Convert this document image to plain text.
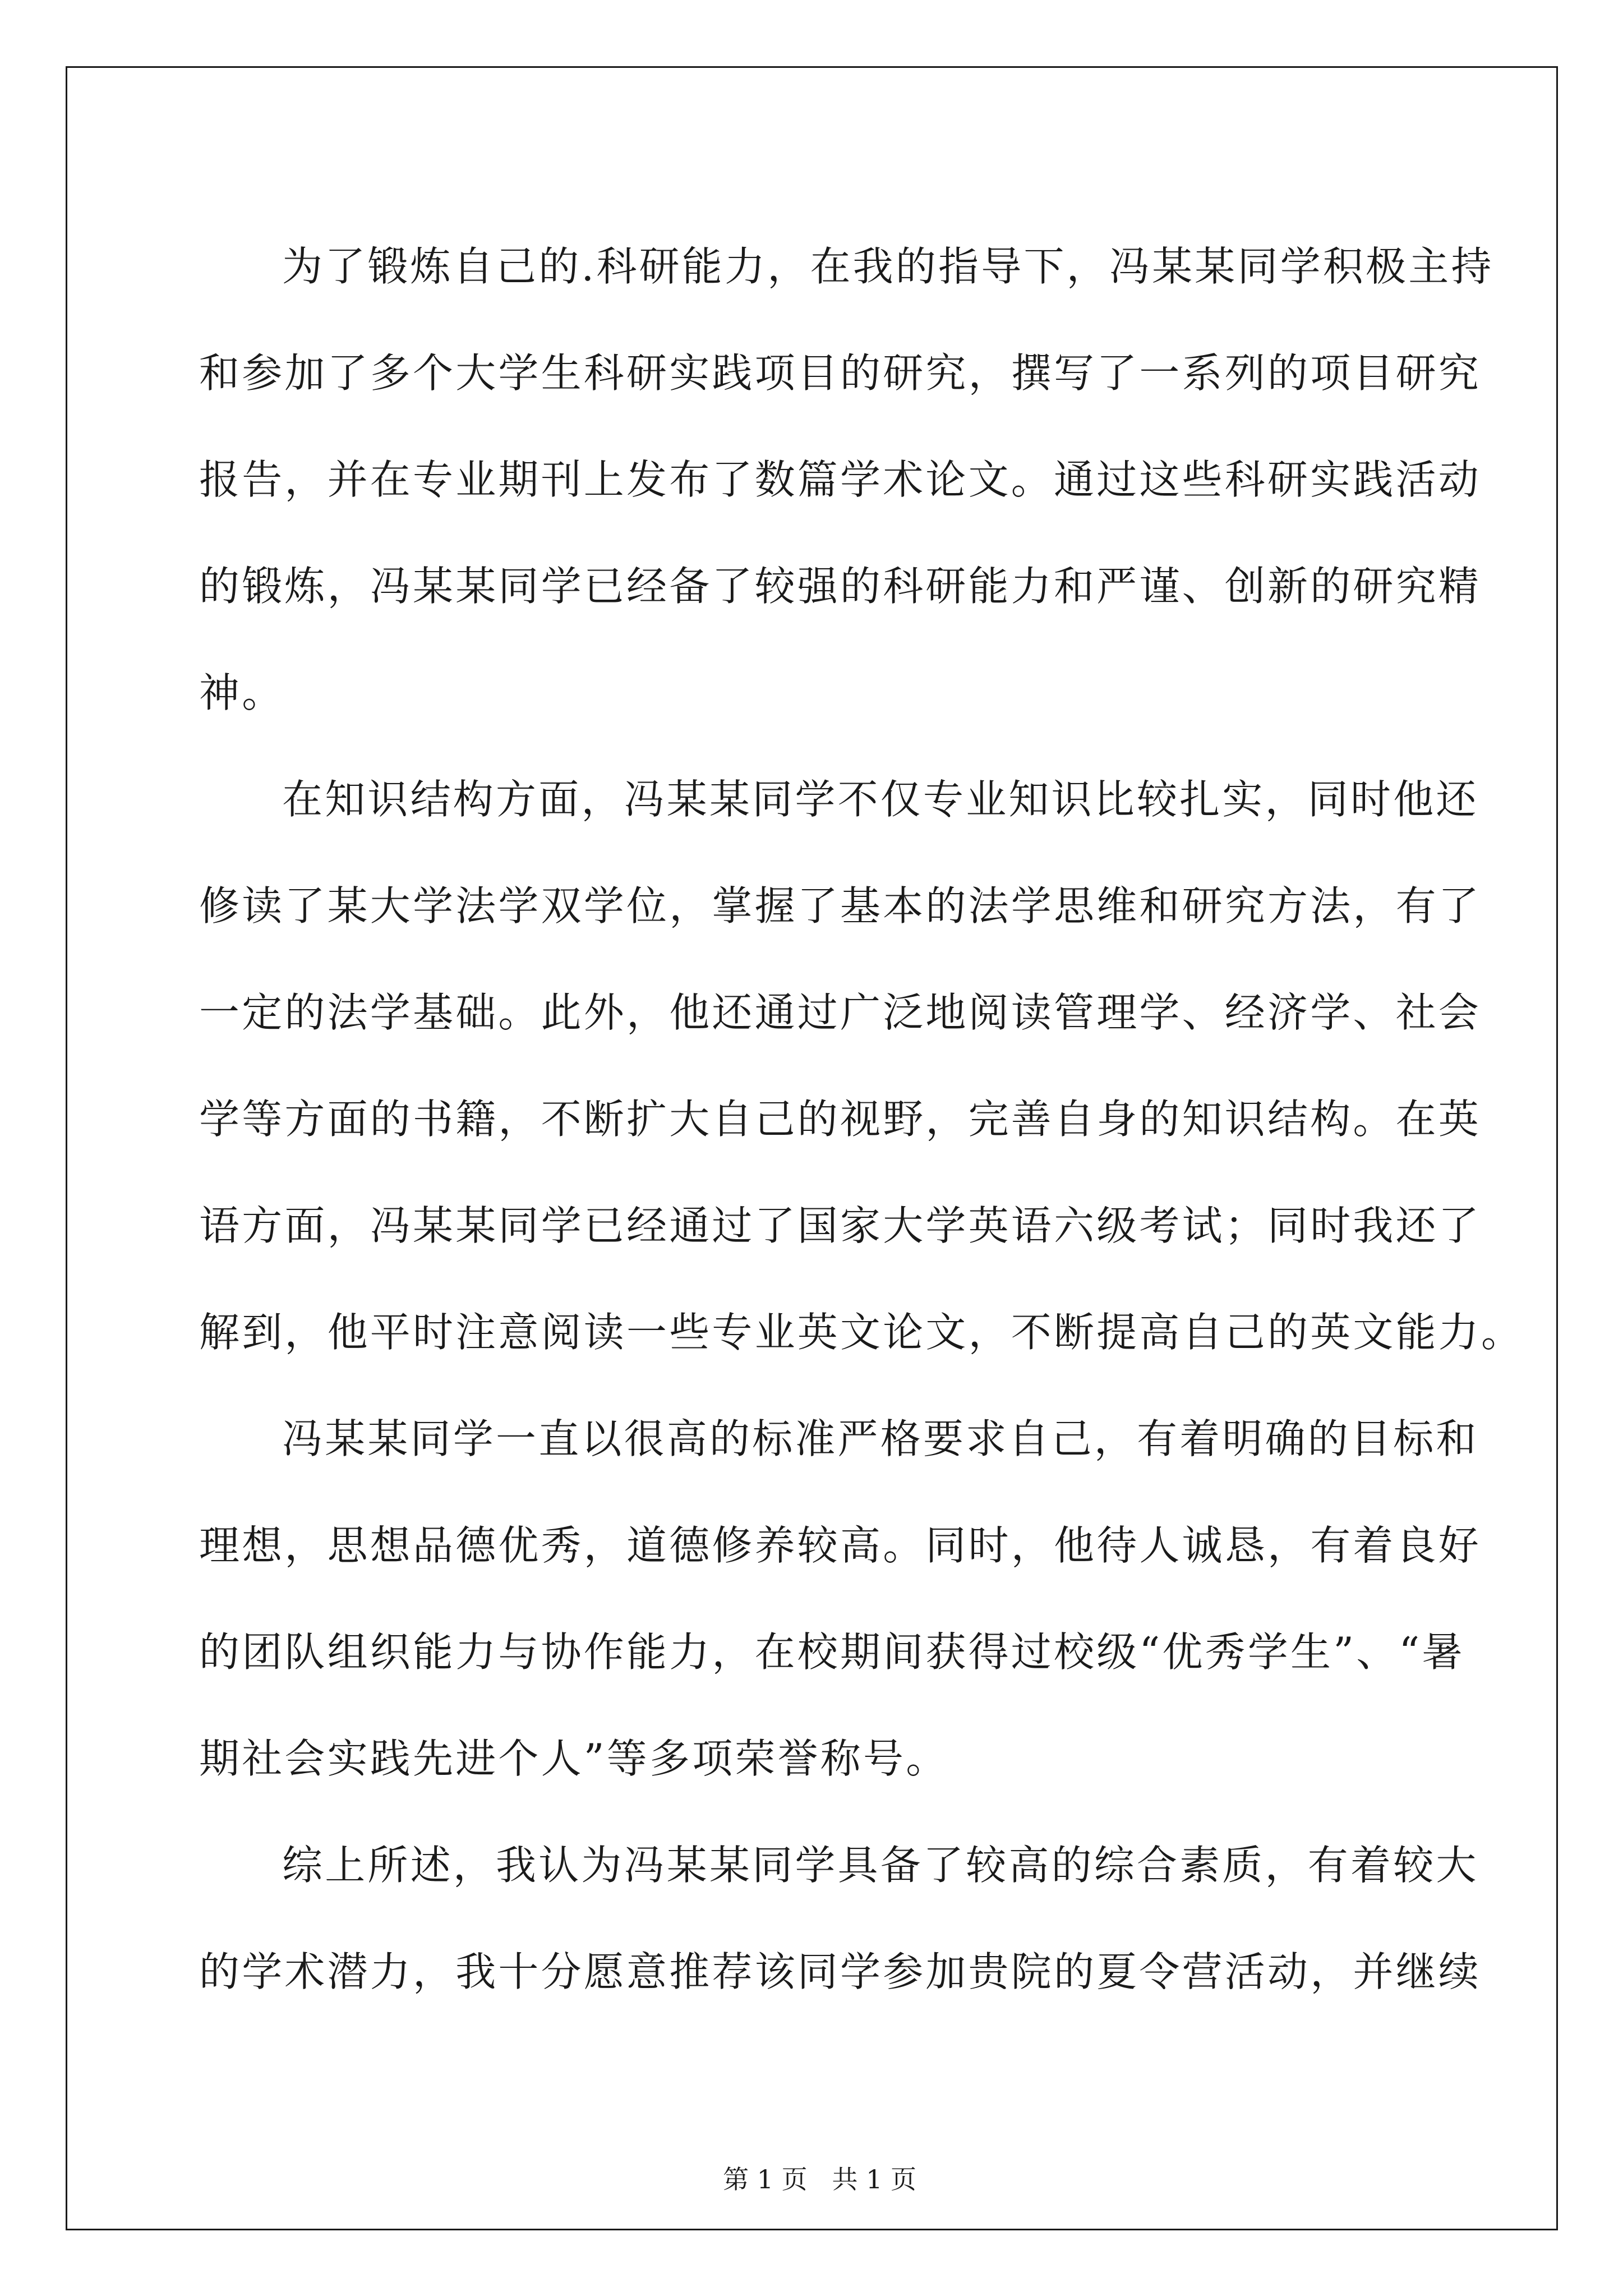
为了锻炼自己的.科研能力，在我的指导下，冯某某同学积极主持
和参加了多个大学生科研实践项目的研究，撰写了一系列的项目研究
报告，并在专业期刊上发布了数篇学术论文。通过这些科研实践活动
的锻炼，冯某某同学已经备了较强的科研能力和严谨、创新的研究精
神。
在知识结构方面，冯某某同学不仅专业知识比较扎实，同时他还
修读了某大学法学双学位，掌握了基本的法学思维和研究方法，有了
一定的法学基础。此外，他还通过广泛地阅读管理学、经济学、社会
学等方面的书籍，不断扩大自己的视野，完善自身的知识结构。在英
语方面，冯某某同学已经通过了国家大学英语六级考试；同时我还了
解到，他平时注意阅读一些专业英文论文，不断提高自己的英文能力。
冯某某同学一直以很高的标准严格要求自己，有着明确的目标和
理想，思想品德优秀，道德修养较高。同时，他待人诚恳，有着良好
的团队组织能力与协作能力，在校期间获得过校级“优秀学生”、“暑
期社会实践先进个人”等多项荣誉称号。
综上所述，我认为冯某某同学具备了较高的综合素质，有着较大
的学术潜力，我十分愿意推荐该同学参加贵院的夏令营活动，并继续

第 1 页   共 1 页
